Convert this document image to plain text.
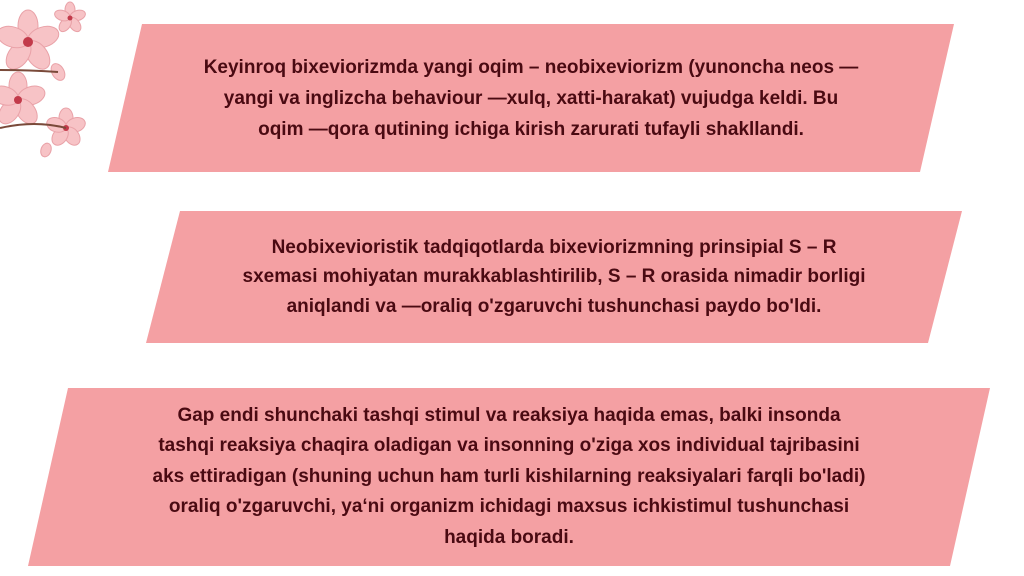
Keyinroq bixeviorizmda yangi oqim – neobixeviorizm (yunoncha neos —yangi va inglizcha behaviour —xulq, xatti-harakat) vujudga keldi. Bu oqim —qora qutining ichiga kirish zarurati tufayli shakllandi.

Neobixevioristik tadqiqotlarda bixeviorizmning prinsipial S – R sxemasi mohiyatan murakkablashtirilib, S – R orasida nimadir borligi aniqlandi va —oraliq o'zgaruvchi tushunchasi paydo bo'ldi.

Gap endi shunchaki tashqi stimul va reaksiya haqida emas, balki insonda tashqi reaksiya chaqira oladigan va insonning o'ziga xos individual tajribasini aks ettiradigan (shuning uchun ham turli kishilarning reaksiyalari farqli bo'ladi) oraliq o'zgaruvchi, ya‘ni organizm ichidagi maxsus ichkistimul tushunchasi haqida boradi.
